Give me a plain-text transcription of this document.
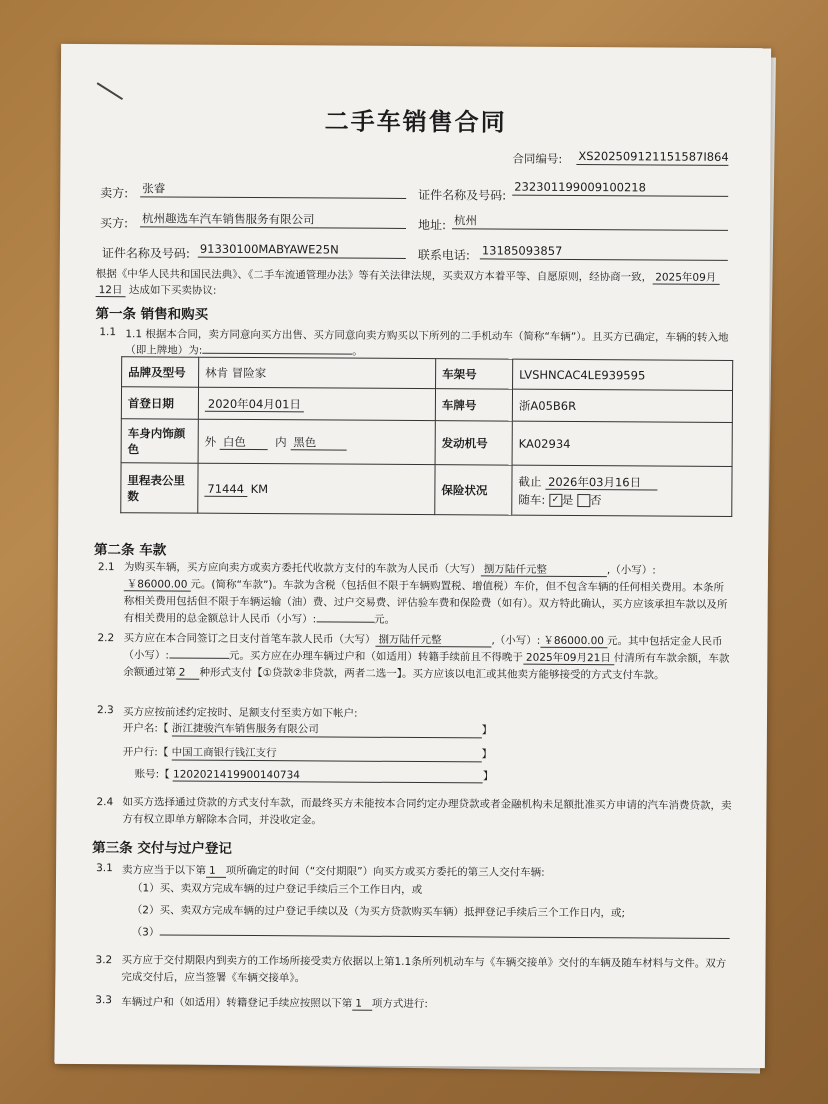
二手车销售合同
合同编号: XS202509121151587I864
卖方: 张睿	证件名称及号码:
232301199009100218
买方: 杭州趣选车汽车销售服务有限公司	地址: 杭州
证件名称及号码: 91330100MABYAWE25N	联系电话: 13185093857
根据《中华人民共和国民法典》、《二手车流通管理办法》等有关法律法规，买卖双方本着平等、自愿原则，经协商一致， 2025年09月
12日 达成如下买卖协议:
第一条 销售和购买
1.1 1.1 根据本合同，卖方同意向买方出售、买方同意向卖方购买以下所列的二手机动车（简称“车辆”）。且买方已确定，车辆的转入地
（即上牌地）为:	。
品牌及型号	林肯 冒险家	车架号	LVSHNCAC4LE939595
首登日期	2020年04月01日	车牌号	浙A05B6R
车身内饰颜色	外 白色 内 黑色	发动机号	KA02934
里程表公里数	71444 KM	保险状况	截止 2026年03月16日
随车: ✓ 是 否
第二条 车款
2.1 为购买车辆，买方应向卖方或卖方委托代收款方支付的车款为人民币（大写） 捌万陆仟元整	,（小写）:
￥86000.00 元。(简称“车款”)。车款为含税（包括但不限于车辆购置税、增值税）车价，但不包含车辆的任何相关费用。本条所称相关费用包括但不限于车辆运输（油）费、过户交易费、评估验车费和保险费（如有）。双方特此确认，买方应该承担车款以及所有相关费用的总金额总计人民币（小写）:	元。
2.2 买方应在本合同签订之日支付首笔车款人民币（大写） 捌万陆仟元整	,（小写）: ￥86000.00 元。其中包括定金人民币（小写）:	元。买方应在办理车辆过户和（如适用）转籍手续前且不得晚于 2025年09月21日 付清所有车款余额，车款余额通过第 2 种形式支付【①贷款②非贷款，两者二选一】。买方应该以电汇或其他卖方能够接受的方式支付车款。
2.3 买方应按前述约定按时、足额支付至卖方如下帐户:
开户名:【 浙江捷骏汽车销售服务有限公司	】
开户行:【 中国工商银行钱江支行	】
账号:【 1202021419900140734	】
2.4 如买方选择通过贷款的方式支付车款，而最终买方未能按本合同约定办理贷款或者金融机构未足额批准买方申请的汽车消费贷款，卖方有权立即单方解除本合同，并没收定金。
第三条 交付与过户登记
3.1 卖方应当于以下第 1 项所确定的时间（“交付期限”）向买方或买方委托的第三人交付车辆:
（1）买、卖双方完成车辆的过户登记手续后三个工作日内，或
（2）买、卖双方完成车辆的过户登记手续以及（为买方贷款购买车辆）抵押登记手续后三个工作日内，或;
（3）
3.2 买方应于交付期限内到卖方的工作场所接受卖方依据以上第1.1条所列机动车与《车辆交接单》交付的车辆及随车材料与文件。双方完成交付后，应当签署《车辆交接单》。
3.3 车辆过户和（如适用）转籍登记手续应按照以下第 1 项方式进行:
